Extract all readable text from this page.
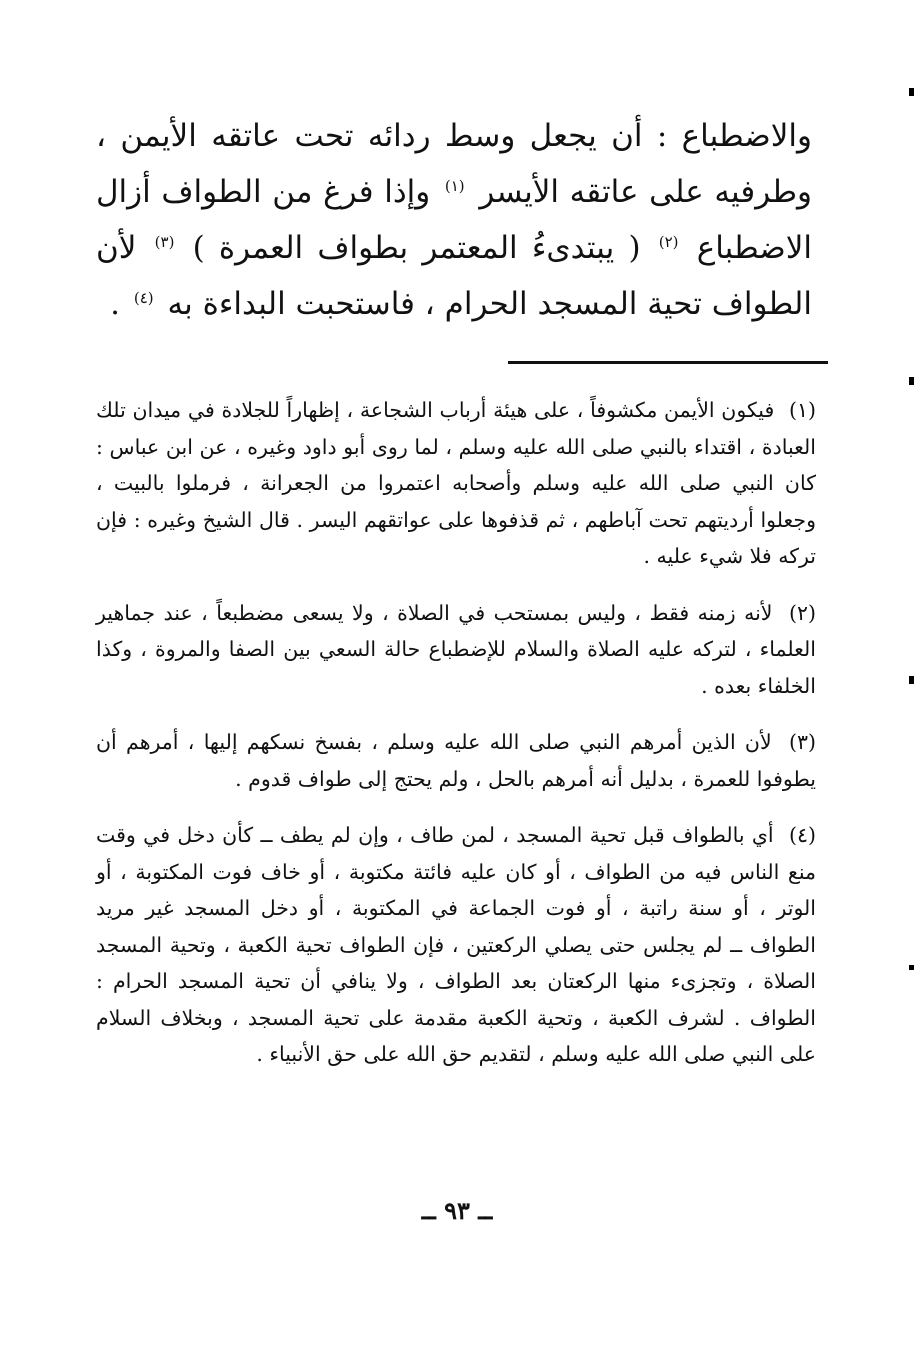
والاضطباع : أن يجعل وسط ردائه تحت عاتقه الأيمن ، وطرفيه على عاتقه الأيسر $^{(١)}$ وإذا فرغ من الطواف أزال الاضطباع $^{(٢)}$ ( يبتدىءُ المعتمر بطواف العمرة ) $^{(٣)}$ لأن الطواف تحية المسجد الحرام ، فاستحبت البداءة به $^{(٤)}$ .

(١) فيكون الأيمن مكشوفاً ، على هيئة أرباب الشجاعة ، إظهاراً للجلادة في ميدان تلك العبادة ، اقتداء بالنبي صلى الله عليه وسلم ، لما روى أبو داود وغيره ، عن ابن عباس : كان النبي صلى الله عليه وسلم وأصحابه اعتمروا من الجعرانة ، فرملوا بالبيت ، وجعلوا أرديتهم تحت آباطهم ، ثم قذفوها على عواتقهم اليسر . قال الشيخ وغيره : فإن تركه فلا شيء عليه .

(٢) لأنه زمنه فقط ، وليس بمستحب في الصلاة ، ولا يسعى مضطبعاً ، عند جماهير العلماء ، لتركه عليه الصلاة والسلام للإضطباع حالة السعي بين الصفا والمروة ، وكذا الخلفاء بعده .

(٣) لأن الذين أمرهم النبي صلى الله عليه وسلم ، بفسخ نسكهم إليها ، أمرهم أن يطوفوا للعمرة ، بدليل أنه أمرهم بالحل ، ولم يحتج إلى طواف قدوم .

(٤) أي بالطواف قبل تحية المسجد ، لمن طاف ، وإن لم يطف ــ كأن دخل في وقت منع الناس فيه من الطواف ، أو كان عليه فائتة مكتوبة ، أو خاف فوت المكتوبة ، أو الوتر ، أو سنة راتبة ، أو فوت الجماعة في المكتوبة ، أو دخل المسجد غير مريد الطواف ــ لم يجلس حتى يصلي الركعتين ، فإن الطواف تحية الكعبة ، وتحية المسجد الصلاة ، وتجزىء منها الركعتان بعد الطواف ، ولا ينافي أن تحية المسجد الحرام : الطواف . لشرف الكعبة ، وتحية الكعبة مقدمة على تحية المسجد ، وبخلاف السلام على النبي صلى الله عليه وسلم ، لتقديم حق الله على حق الأنبياء .

ــ ٩٣ ــ
